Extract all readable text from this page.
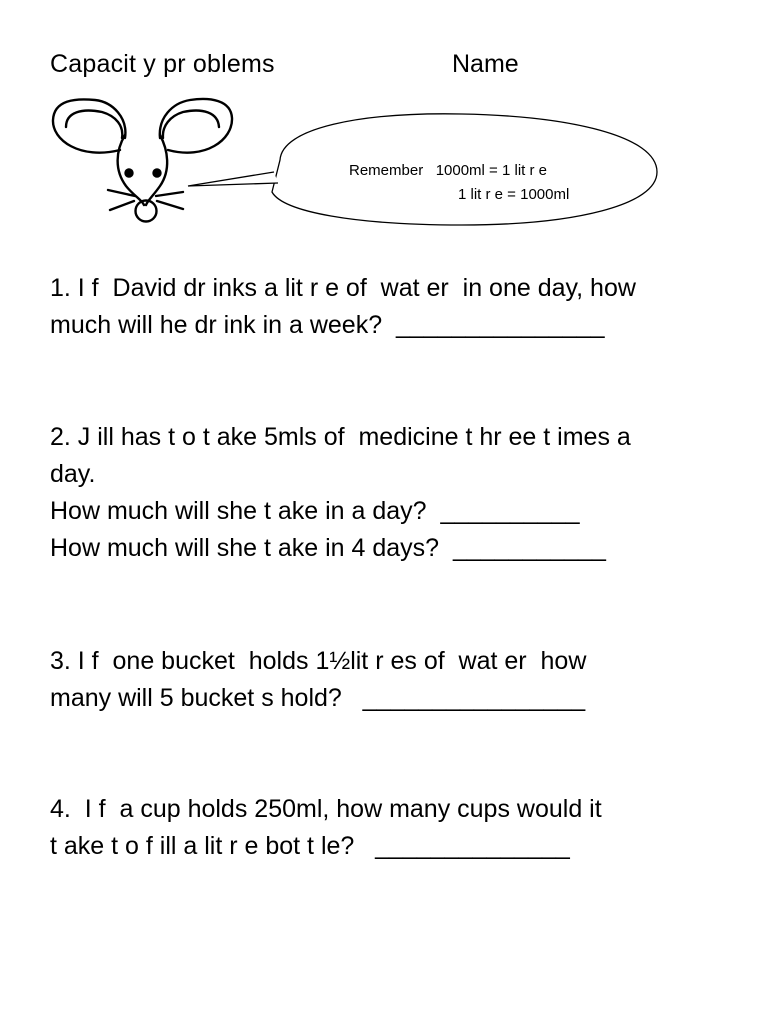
Capacit y pr oblems	Name
Remember   1000ml = 1 lit r e
1 lit r e = 1000ml
1. I f  David dr inks a lit r e of  wat er  in one day, how
much will he dr ink in a week?  _______________
2. J ill has t o t ake 5mls of  medicine t hr ee t imes a
day.
How much will she t ake in a day?  __________
How much will she t ake in 4 days?  ___________
3. I f  one bucket  holds 1½lit r es of  wat er  how
many will 5 bucket s hold?   ________________
4.  I f  a cup holds 250ml, how many cups would it
t ake t o f ill a lit r e bot t le?   ______________
